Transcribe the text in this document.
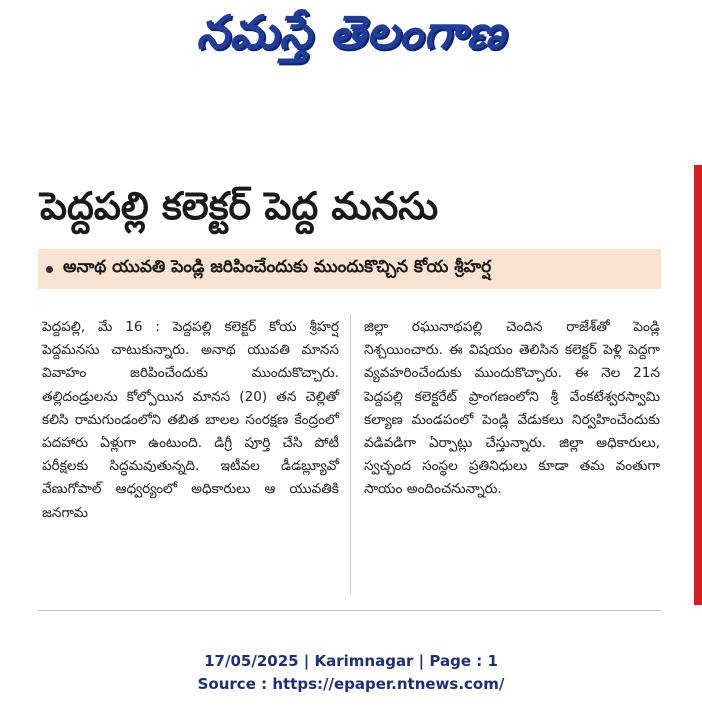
నమస్తే తెలంగాణ
పెద్దపల్లి కలెక్టర్ పెద్ద మనసు
అనాథ యువతి పెండ్లి జరిపించేందుకు ముందుకొచ్చిన కోయ శ్రీహర్ష

పెద్దపల్లి, మే 16 : పెద్దపల్లి కలెక్టర్ కోయ శ్రీహర్ష పెద్దమనసు చాటుకున్నారు. అనాథ యువతి మానస వివాహం జరిపించేందుకు ముందుకొచ్చారు. తల్లిదండ్రులను కోల్పోయిన మానస (20) తన చెల్లితో కలిసి రామగుండంలోని తబిత బాలల సంరక్షణ కేంద్రంలో పదహారు ఏళ్లుగా ఉంటుంది. డిగ్రీ పూర్తి చేసి పోటీ పరీక్షలకు సిద్ధమవుతున్నది. ఇటీవల డీడబ్ల్యూవో వేణుగోపాల్ ఆధ్వర్యంలో అధికారులు ఆ యువతికి జనగామ

జిల్లా రఘునాథపల్లి చెందిన రాజేశ్‌తో పెండ్లి నిశ్చయించారు. ఈ విషయం తెలిసిన కలెక్టర్ పెళ్లి పెద్దగా వ్యవహరించేందుకు ముందుకొచ్చారు. ఈ నెల 21న పెద్దపల్లి కలెక్టరేట్ ప్రాంగణంలోని శ్రీ వేంకటేశ్వరస్వామి కల్యాణ మండపంలో పెండ్లి వేడుకలు నిర్వహించేందుకు వడివడిగా ఏర్పాట్లు చేస్తున్నారు. జిల్లా అధికారులు, స్వచ్ఛంద సంస్థల ప్రతినిధులు కూడా తమ వంతుగా సాయం అందించనున్నారు.

17/05/2025 | Karimnagar | Page : 1
Source : https://epaper.ntnews.com/
